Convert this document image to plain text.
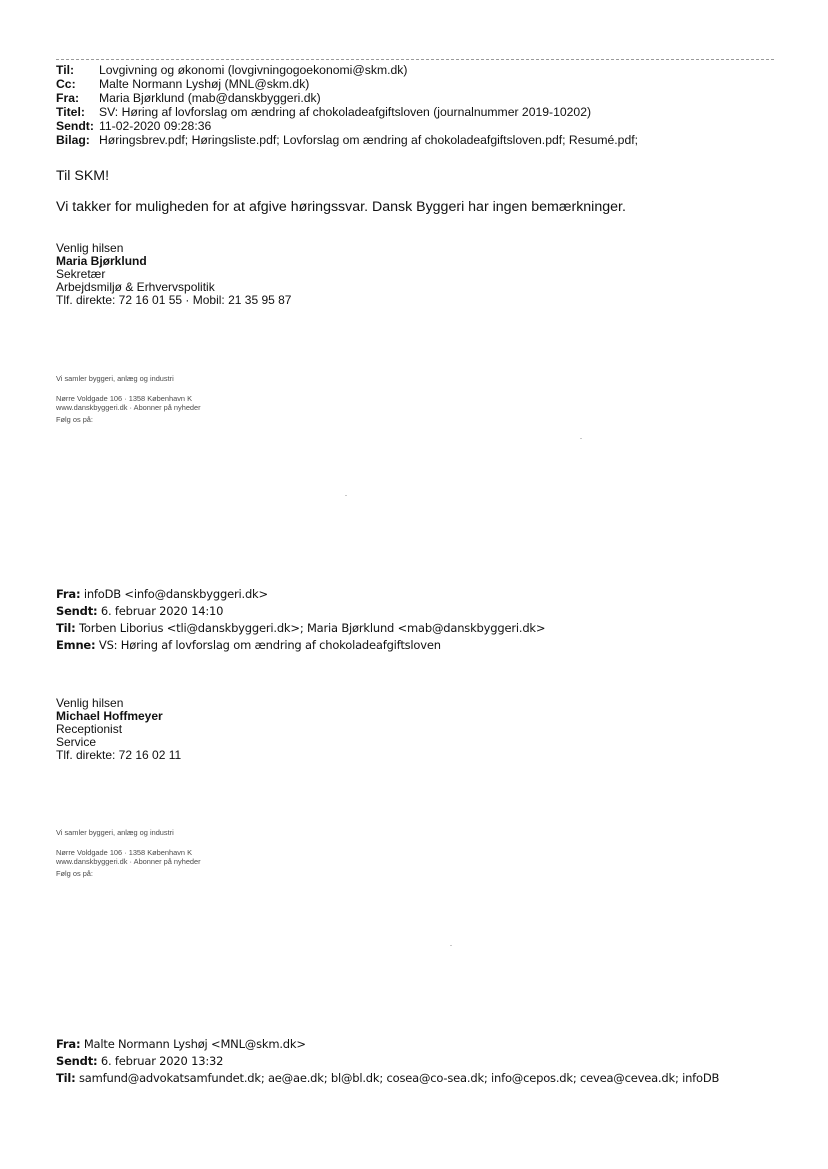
Til:	Lovgivning og økonomi (lovgivningogoekonomi@skm.dk)
Cc:	Malte Normann Lyshøj (MNL@skm.dk)
Fra:	Maria Bjørklund (mab@danskbyggeri.dk)
Titel:	SV: Høring af lovforslag om ændring af chokoladeafgiftsloven (journalnummer 2019-10202)
Sendt: 11-02-2020 09:28:36
Bilag: Høringsbrev.pdf; Høringsliste.pdf; Lovforslag om ændring af chokoladeafgiftsloven.pdf; Resumé.pdf;
Til SKM!
Vi takker for muligheden for at afgive høringssvar. Dansk Byggeri har ingen bemærkninger.
Venlig hilsen
Maria Bjørklund
Sekretær
Arbejdsmiljø & Erhvervspolitik
Tlf. direkte: 72 16 01 55 · Mobil: 21 35 95 87
Vi samler byggeri, anlæg og industri
Nørre Voldgade 106 · 1358 København K
www.danskbyggeri.dk · Abonner på nyheder
Følg os på:
Fra: infoDB <info@danskbyggeri.dk>
Sendt: 6. februar 2020 14:10
Til: Torben Liborius <tli@danskbyggeri.dk>; Maria Bjørklund <mab@danskbyggeri.dk>
Emne: VS: Høring af lovforslag om ændring af chokoladeafgiftsloven
Venlig hilsen
Michael Hoffmeyer
Receptionist
Service
Tlf. direkte: 72 16 02 11
Vi samler byggeri, anlæg og industri
Nørre Voldgade 106 · 1358 København K
www.danskbyggeri.dk · Abonner på nyheder
Følg os på:
Fra: Malte Normann Lyshøj <MNL@skm.dk>
Sendt: 6. februar 2020 13:32
Til: samfund@advokatsamfundet.dk; ae@ae.dk; bl@bl.dk; cosea@co-sea.dk; info@cepos.dk; cevea@cevea.dk; infoDB
